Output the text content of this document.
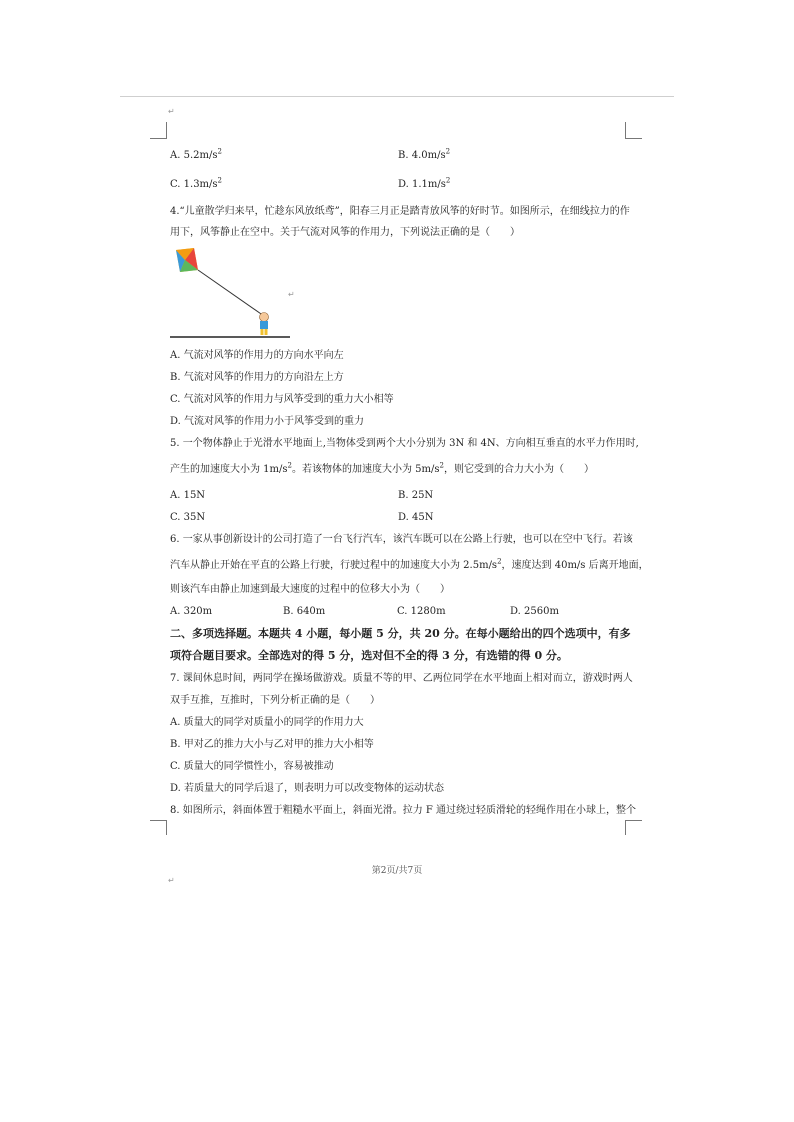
↵
A. $5.2m/s^2$	B. $4.0m/s^2$
C. $1.3m/s^2$	D. $1.1m/s^2$
4.“儿童散学归来早，忙趁东风放纸鸢”，阳春三月正是踏青放风筝的好时节。如图所示，在细线拉力的作
用下，风筝静止在空中。关于气流对风筝的作用力，下列说法正确的是（　　）
↵
A. 气流对风筝的作用力的方向水平向左
B. 气流对风筝的作用力的方向沿左上方
C. 气流对风筝的作用力与风筝受到的重力大小相等
D. 气流对风筝的作用力小于风筝受到的重力
5. 一个物体静止于光滑水平地面上,当物体受到两个大小分别为 3N 和 4N、方向相互垂直的水平力作用时,
产生的加速度大小为 $1m/s^2$。若该物体的加速度大小为 $5m/s^2$，则它受到的合力大小为（　　）
A. 15N	B. 25N
C. 35N	D. 45N
6. 一家从事创新设计的公司打造了一台飞行汽车，该汽车既可以在公路上行驶，也可以在空中飞行。若该
汽车从静止开始在平直的公路上行驶，行驶过程中的加速度大小为 $2.5m/s^2$，速度达到 40m/s 后离开地面，
则该汽车由静止加速到最大速度的过程中的位移大小为（　　）
A. 320m	B. 640m	C. 1280m	D. 2560m
二、多项选择题。本题共 4 小题，每小题 5 分，共 20 分。在每小题给出的四个选项中，有多
项符合题目要求。全部选对的得 5 分，选对但不全的得 3 分，有选错的得 0 分。
7. 课间休息时间，两同学在操场做游戏。质量不等的甲、乙两位同学在水平地面上相对而立，游戏时两人
双手互推，互推时，下列分析正确的是（　　）
A. 质量大的同学对质量小的同学的作用力大
B. 甲对乙的推力大小与乙对甲的推力大小相等
C. 质量大的同学惯性小，容易被推动
D. 若质量大的同学后退了，则表明力可以改变物体的运动状态
8. 如图所示，斜面体置于粗糙水平面上，斜面光滑。拉力 F 通过绕过轻质滑轮的轻绳作用在小球上，整个
第2页/共7页
↵
